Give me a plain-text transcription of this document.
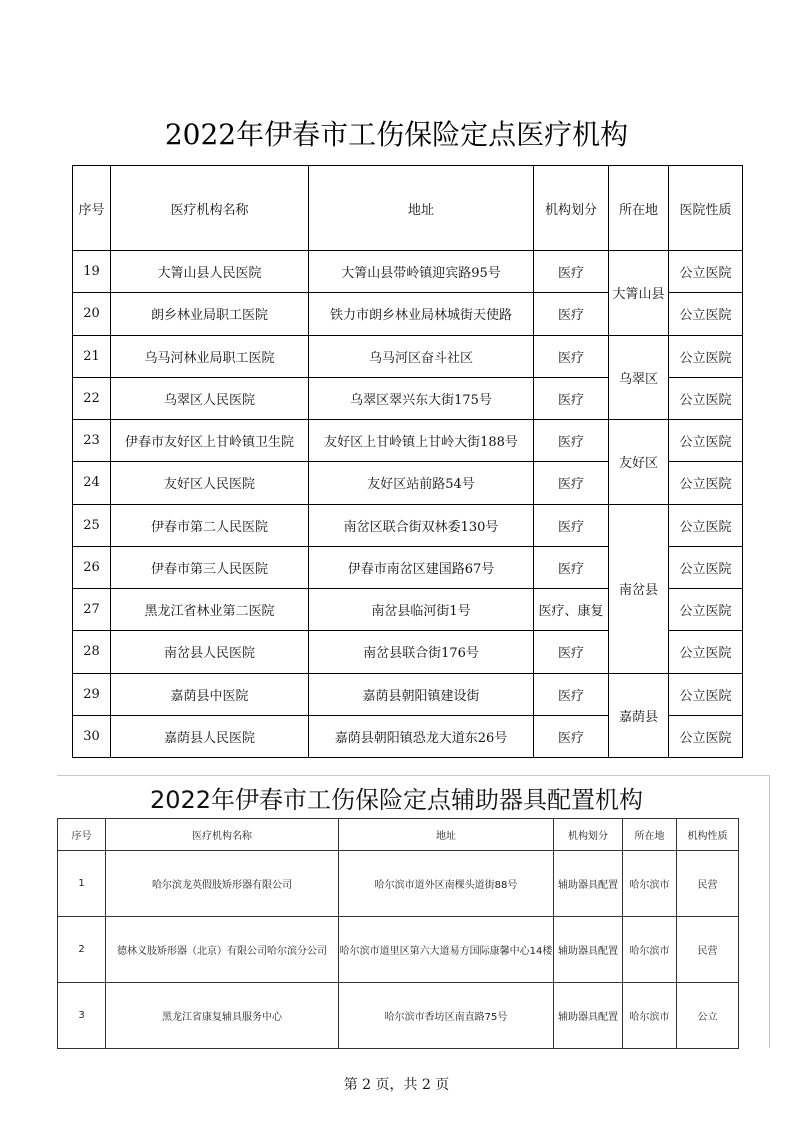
2022年伊春市工伤保险定点医疗机构
序号	医疗机构名称	地址	机构划分	所在地	医院性质
19	大箐山县人民医院	大箐山县带岭镇迎宾路95号	医疗	大箐山县	公立医院
20	朗乡林业局职工医院	铁力市朗乡林业局林城街天使路	医疗		公立医院
21	乌马河林业局职工医院	乌马河区奋斗社区	医疗	乌翠区	公立医院
22	乌翠区人民医院	乌翠区翠兴东大街175号	医疗		公立医院
23	伊春市友好区上甘岭镇卫生院	友好区上甘岭镇上甘岭大街188号	医疗	友好区	公立医院
24	友好区人民医院	友好区站前路54号	医疗		公立医院
25	伊春市第二人民医院	南岔区联合街双林委130号	医疗	南岔县	公立医院
26	伊春市第三人民医院	伊春市南岔区建国路67号	医疗		公立医院
27	黑龙江省林业第二医院	南岔县临河街1号	医疗、康复		公立医院
28	南岔县人民医院	南岔县联合街176号	医疗		公立医院
29	嘉荫县中医院	嘉荫县朝阳镇建设街	医疗	嘉荫县	公立医院
30	嘉荫县人民医院	嘉荫县朝阳镇恐龙大道东26号	医疗		公立医院
2022年伊春市工伤保险定点辅助器具配置机构
序号	医疗机构名称	地址	机构划分	所在地	机构性质
1	哈尔滨龙英假肢矫形器有限公司	哈尔滨市道外区南棵头道街88号	辅助器具配置	哈尔滨市	民营
2	德林义肢矫形器（北京）有限公司哈尔滨分公司	哈尔滨市道里区第六大道易方国际康馨中心14楼	辅助器具配置	哈尔滨市	民营
3	黑龙江省康复辅具服务中心	哈尔滨市香坊区南直路75号	辅助器具配置	哈尔滨市	公立
第 2 页，共 2 页
